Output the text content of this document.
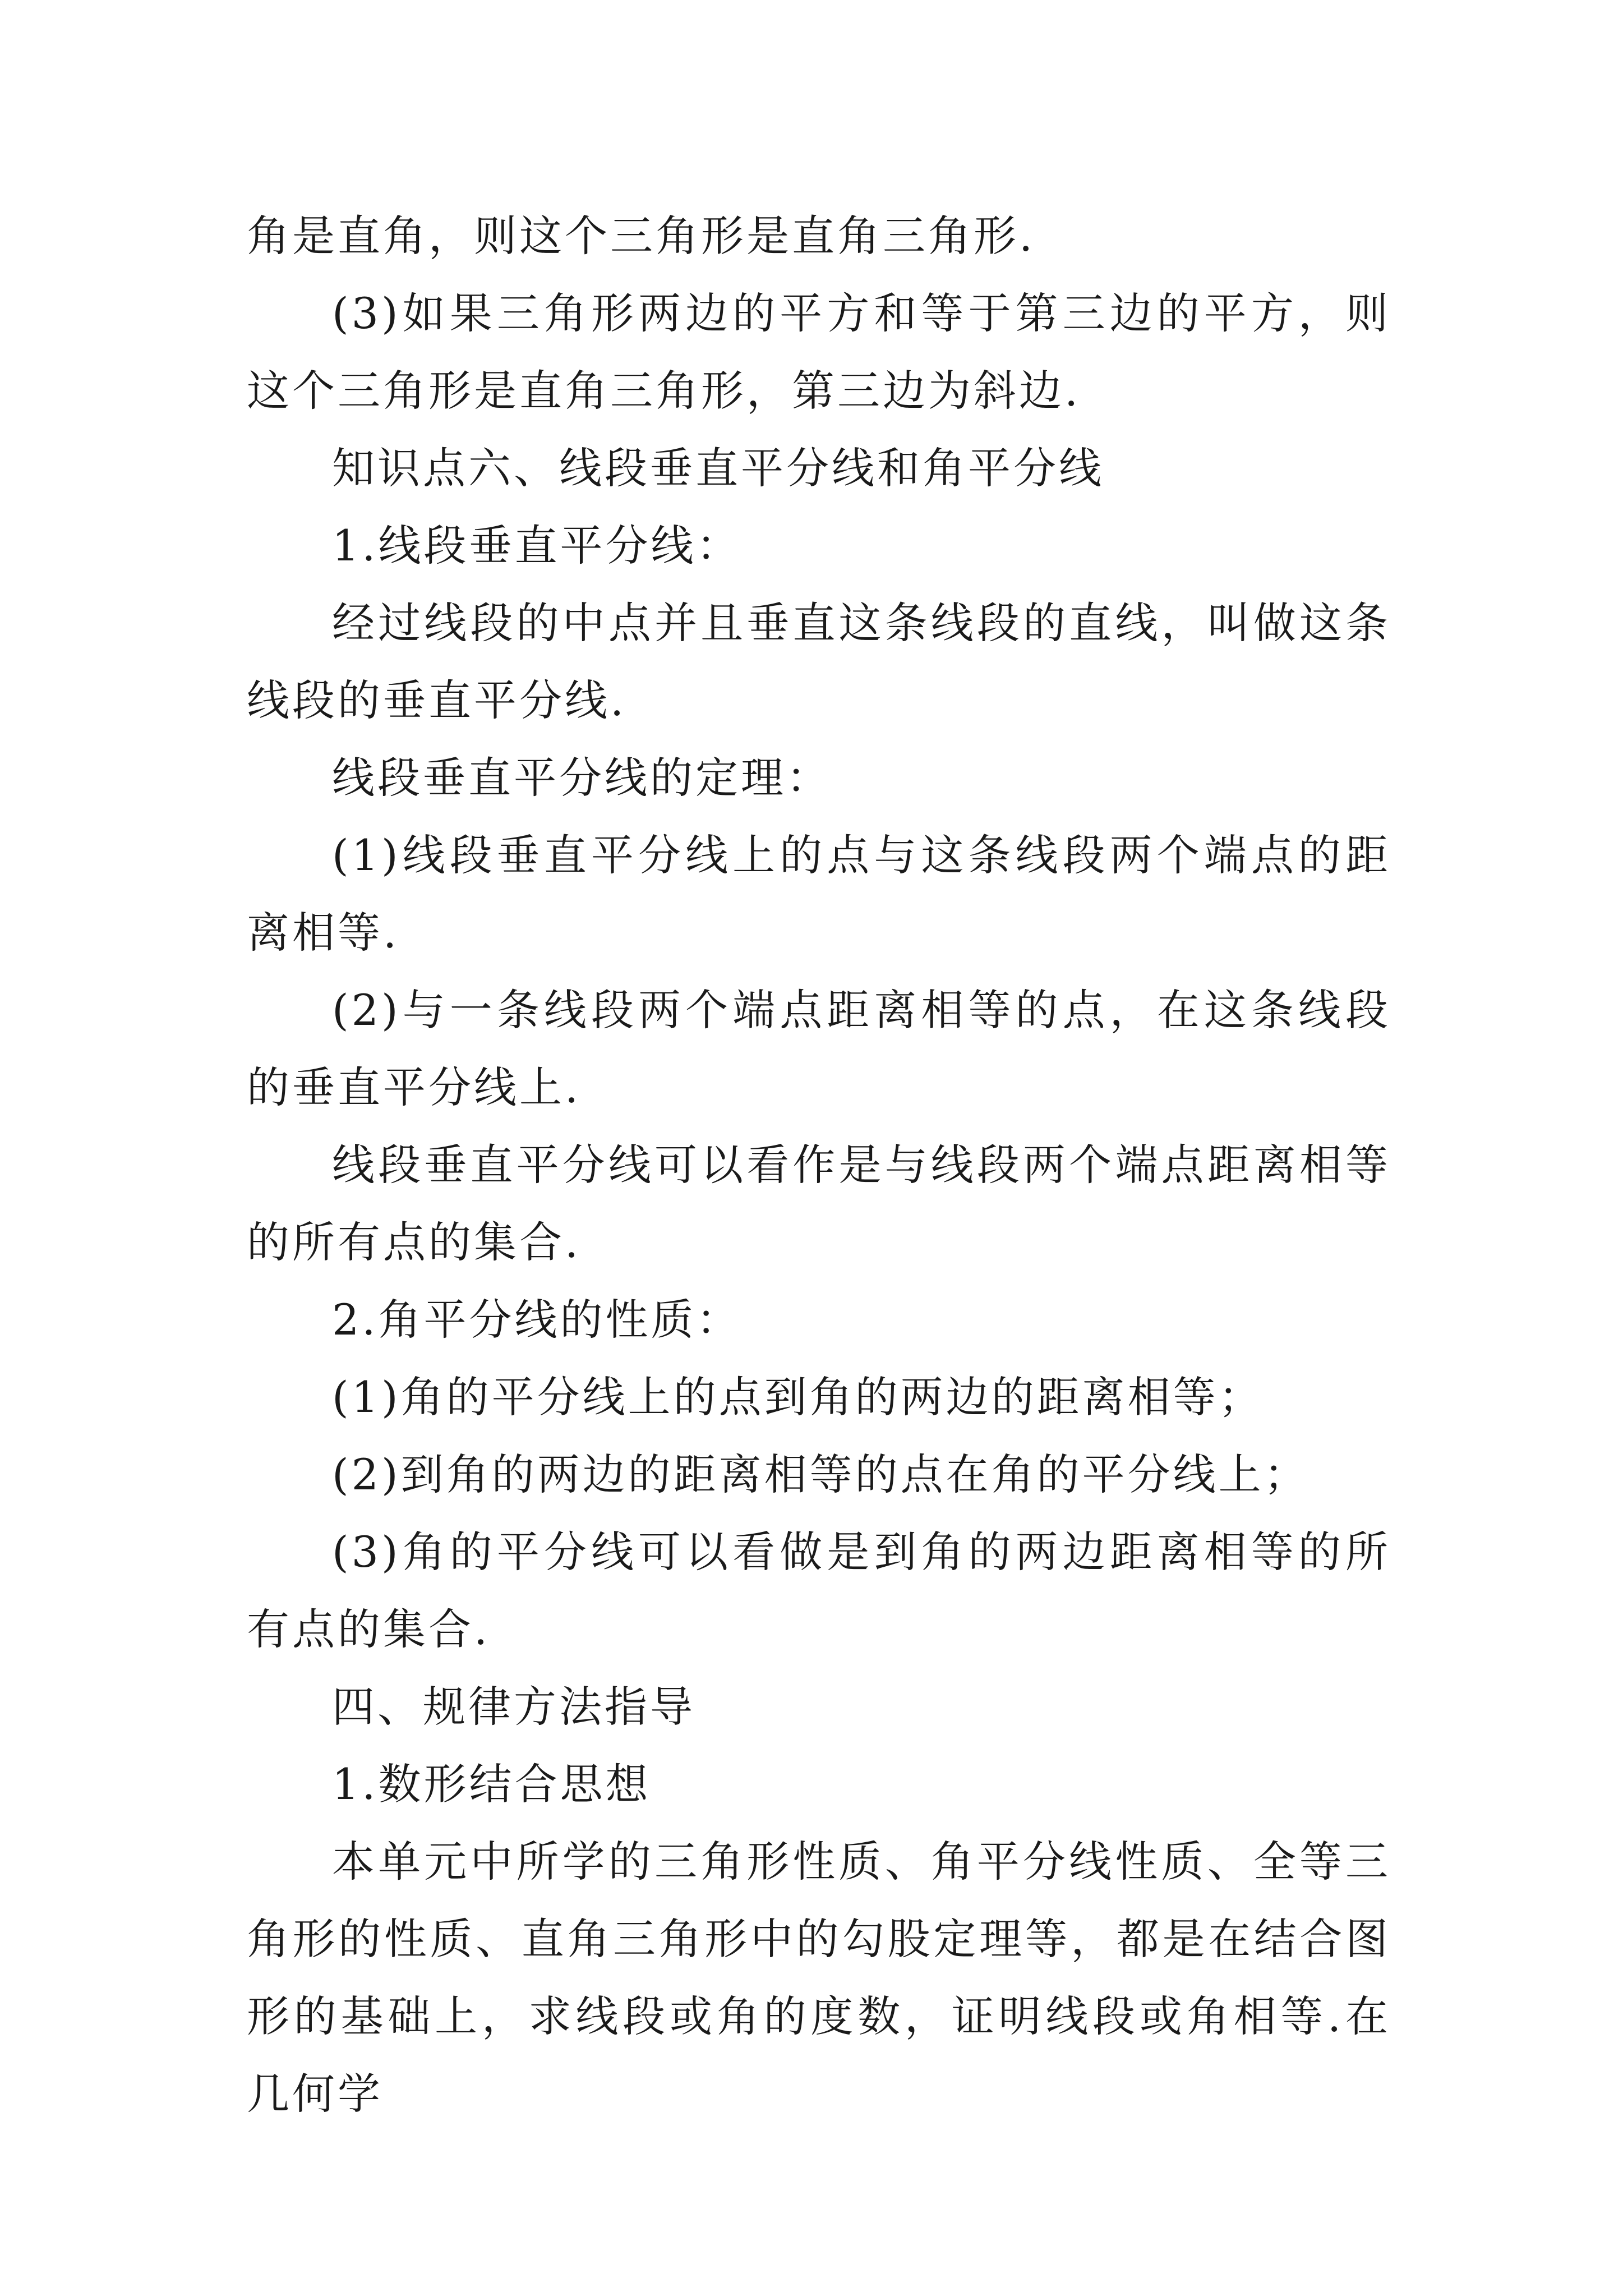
角是直角，则这个三角形是直角三角形.

(3)如果三角形两边的平方和等于第三边的平方，则这个三角形是直角三角形，第三边为斜边.

知识点六、线段垂直平分线和角平分线

1.线段垂直平分线：

经过线段的中点并且垂直这条线段的直线，叫做这条线段的垂直平分线.

线段垂直平分线的定理：

(1)线段垂直平分线上的点与这条线段两个端点的距离相等.

(2)与一条线段两个端点距离相等的点，在这条线段的垂直平分线上.

线段垂直平分线可以看作是与线段两个端点距离相等的所有点的集合.

2.角平分线的性质：

(1)角的平分线上的点到角的两边的距离相等；

(2)到角的两边的距离相等的点在角的平分线上；

(3)角的平分线可以看做是到角的两边距离相等的所有点的集合.

四、规律方法指导

1.数形结合思想

本单元中所学的三角形性质、角平分线性质、全等三角形的性质、直角三角形中的勾股定理等，都是在结合图形的基础上，求线段或角的度数，证明线段或角相等.在几何学
